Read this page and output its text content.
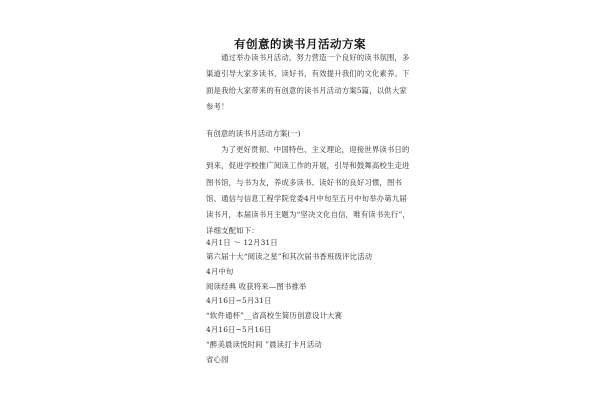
有创意的读书月活动方案
通过举办读书月活动，努力营造一个良好的读书氛围，多渠道引导大家多读书、读好书，有效提升我们的文化素养。下面是我给大家带来的有创意的读书月活动方案5篇，以供大家参考！
有创意的读书月活动方案(一)
为了更好贯彻、中国特色、主义理论，迎接世界读书日的到来，促进学校推广阅读工作的开展，引导和鼓舞高校生走进图书馆，与书为友，养成多读书、读好书的良好习惯，图书馆、通信与信息工程学院党委4月中旬至五月中旬举办第九届读书月，本届读书月主题为“坚决文化自信，唯有读书先行”，详细支配如下：
4月1日 ～ 12月31日
第六届十大“阅读之星”和其次届书香班级评比活动
4月中旬
阅读经典 收获将来—图书推举
4月16日~5月31日
“软件通杯”__省高校生简历创意设计大赛
4月16日~5月16日
“醉美晨读悦时间 ”晨读打卡月活动
省心园
